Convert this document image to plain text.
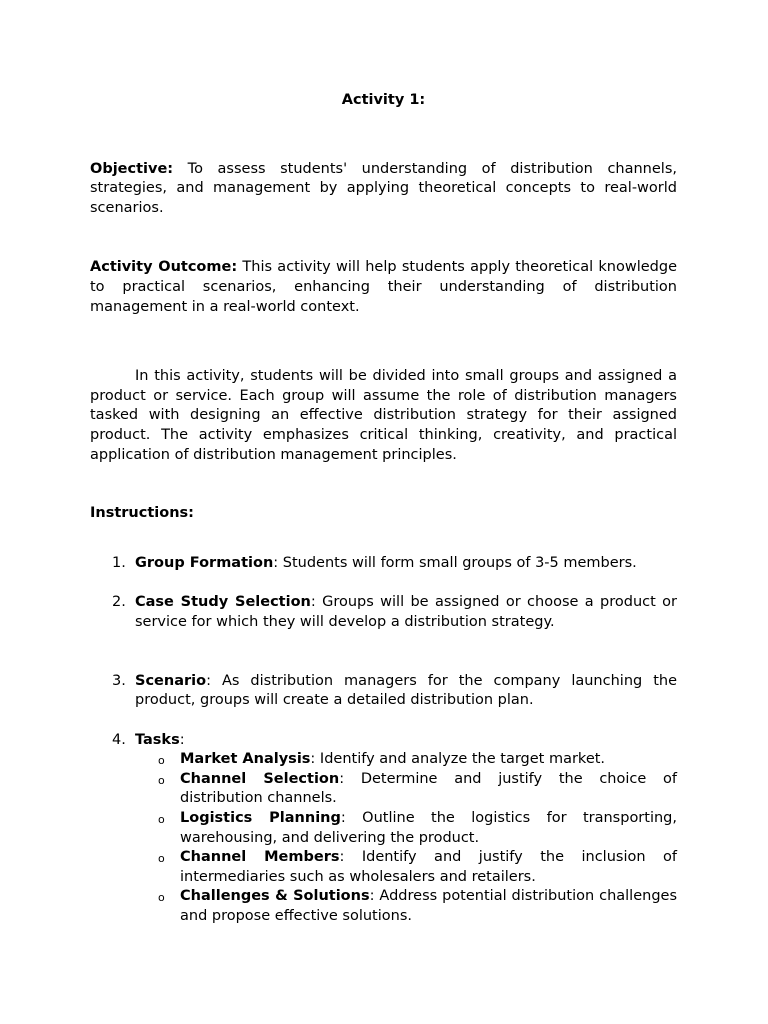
Activity 1:

Objective: To assess students' understanding of distribution channels, strategies, and management by applying theoretical concepts to real-world scenarios.

Activity Outcome: This activity will help students apply theoretical knowledge to practical scenarios, enhancing their understanding of distribution management in a real-world context.

In this activity, students will be divided into small groups and assigned a product or service. Each group will assume the role of distribution managers tasked with designing an effective distribution strategy for their assigned product. The activity emphasizes critical thinking, creativity, and practical application of distribution management principles.

Instructions:

1. Group Formation: Students will form small groups of 3-5 members.
2. Case Study Selection: Groups will be assigned or choose a product or service for which they will develop a distribution strategy.
3. Scenario: As distribution managers for the company launching the product, groups will create a detailed distribution plan.
4. Tasks:
o Market Analysis: Identify and analyze the target market.
o Channel Selection: Determine and justify the choice of distribution channels.
o Logistics Planning: Outline the logistics for transporting, warehousing, and delivering the product.
o Channel Members: Identify and justify the inclusion of intermediaries such as wholesalers and retailers.
o Challenges & Solutions: Address potential distribution challenges and propose effective solutions.
